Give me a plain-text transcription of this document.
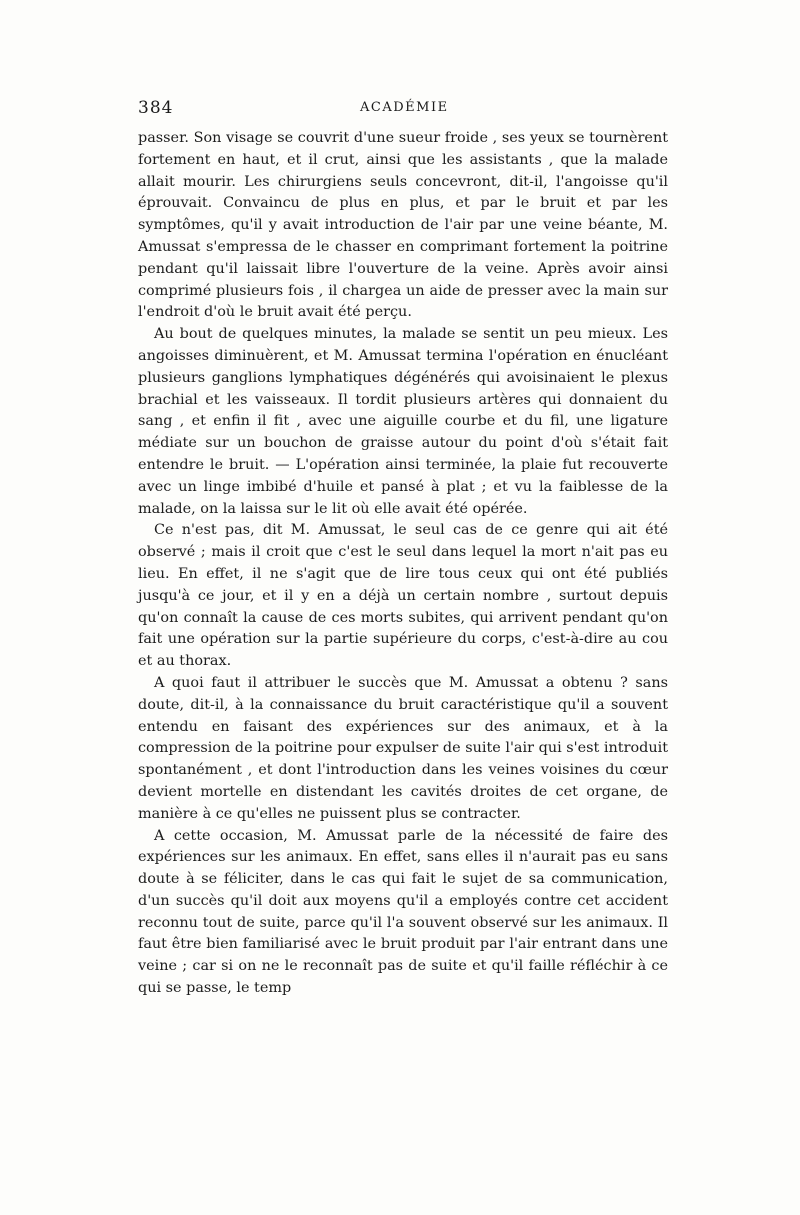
384	ACADÉMIE

passer. Son visage se couvrit d'une sueur froide , ses yeux se tournèrent fortement en haut, et il crut, ainsi que les assistants , que la malade allait mourir. Les chirurgiens seuls concevront, dit-il, l'angoisse qu'il éprouvait. Convaincu de plus en plus, et par le bruit et par les symptômes, qu'il y avait introduction de l'air par une veine béante, M. Amussat s'empressa de le chasser en comprimant fortement la poitrine pendant qu'il laissait libre l'ouverture de la veine. Après avoir ainsi comprimé plusieurs fois , il chargea un aide de presser avec la main sur l'endroit d'où le bruit avait été perçu.

Au bout de quelques minutes, la malade se sentit un peu mieux. Les angoisses diminuèrent, et M. Amussat termina l'opération en énucléant plusieurs ganglions lymphatiques dégénérés qui avoisinaient le plexus brachial et les vaisseaux. Il tordit plusieurs artères qui donnaient du sang , et enfin il fit , avec une aiguille courbe et du fil, une ligature médiate sur un bouchon de graisse autour du point d'où s'était fait entendre le bruit. — L'opération ainsi terminée, la plaie fut recouverte avec un linge imbibé d'huile et pansé à plat ; et vu la faiblesse de la malade, on la laissa sur le lit où elle avait été opérée.

Ce n'est pas, dit M. Amussat, le seul cas de ce genre qui ait été observé ; mais il croit que c'est le seul dans lequel la mort n'ait pas eu lieu. En effet, il ne s'agit que de lire tous ceux qui ont été publiés jusqu'à ce jour, et il y en a déjà un certain nombre , surtout depuis qu'on connaît la cause de ces morts subites, qui arrivent pendant qu'on fait une opération sur la partie supérieure du corps, c'est-à-dire au cou et au thorax.

A quoi faut il attribuer le succès que M. Amussat a obtenu ? sans doute, dit-il, à la connaissance du bruit caractéristique qu'il a souvent entendu en faisant des expériences sur des animaux, et à la compression de la poitrine pour expulser de suite l'air qui s'est introduit spontanément , et dont l'introduction dans les veines voisines du cœur devient mortelle en distendant les cavités droites de cet organe, de manière à ce qu'elles ne puissent plus se contracter.

A cette occasion, M. Amussat parle de la nécessité de faire des expériences sur les animaux. En effet, sans elles il n'aurait pas eu sans doute à se féliciter, dans le cas qui fait le sujet de sa communication, d'un succès qu'il doit aux moyens qu'il a employés contre cet accident reconnu tout de suite, parce qu'il l'a souvent observé sur les animaux. Il faut être bien familiarisé avec le bruit produit par l'air entrant dans une veine ; car si on ne le reconnaît pas de suite et qu'il faille réfléchir à ce qui se passe, le temp
